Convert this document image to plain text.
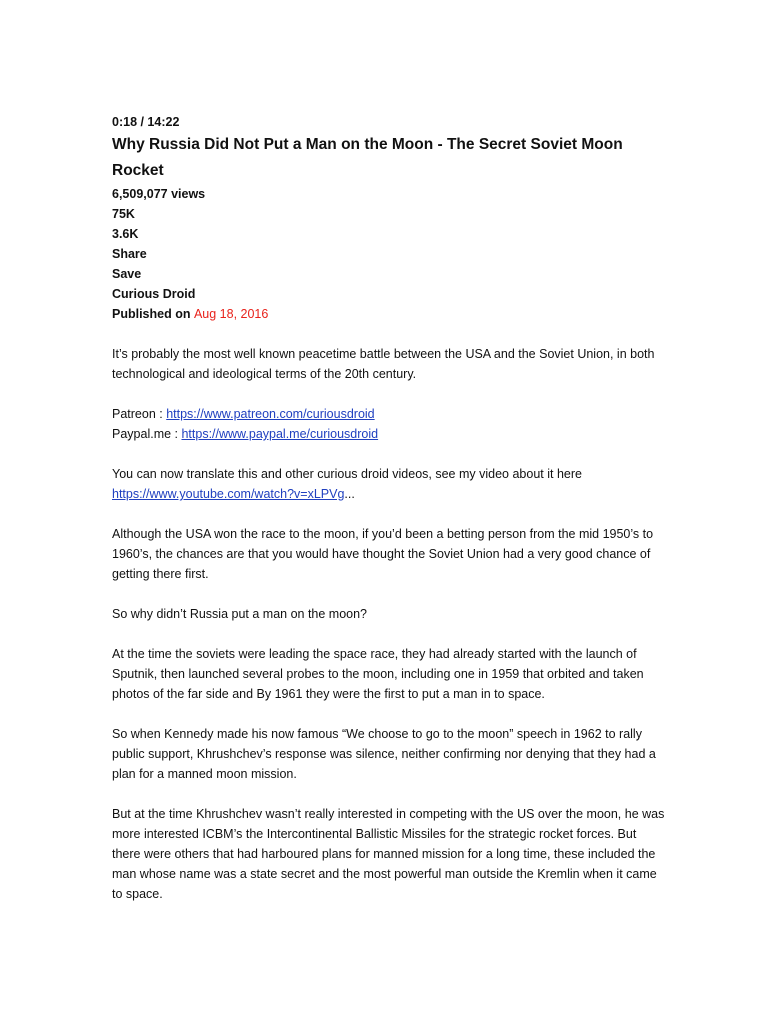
0:18 / 14:22

Why Russia Did Not Put a Man on the Moon - The Secret Soviet Moon Rocket

6,509,077 views

75K

3.6K

Share

Save

Curious Droid

Published on Aug 18, 2016

It’s probably the most well known peacetime battle between the USA and the Soviet Union, in both technological and ideological terms of the 20th century.

Patreon : https://www.patreon.com/curiousdroid

Paypal.me : https://www.paypal.me/curiousdroid

You can now translate this and other curious droid videos, see my video about it here

https://www.youtube.com/watch?v=xLPVg...

Although the USA won the race to the moon, if you’d been a betting person from the mid 1950’s to 1960’s, the chances are that you would have thought the Soviet Union had a very good chance of getting there first.

So why didn’t Russia put a man on the moon?

At the time the soviets were leading the space race, they had already started with the launch of Sputnik, then launched several probes to the moon, including one in 1959 that orbited and taken photos of the far side and By 1961 they were the first to put a man in to space.

So when Kennedy made his now famous “We choose to go to the moon” speech in 1962 to rally public support, Khrushchev’s response was silence, neither confirming nor denying that they had a plan for a manned moon mission.

But at the time Khrushchev wasn’t really interested in competing with the US over the moon, he was more interested ICBM’s the Intercontinental Ballistic Missiles for the strategic rocket forces. But there were others that had harboured plans for manned mission for a long time, these included the man whose name was a state secret and the most powerful man outside the Kremlin when it came to space.
